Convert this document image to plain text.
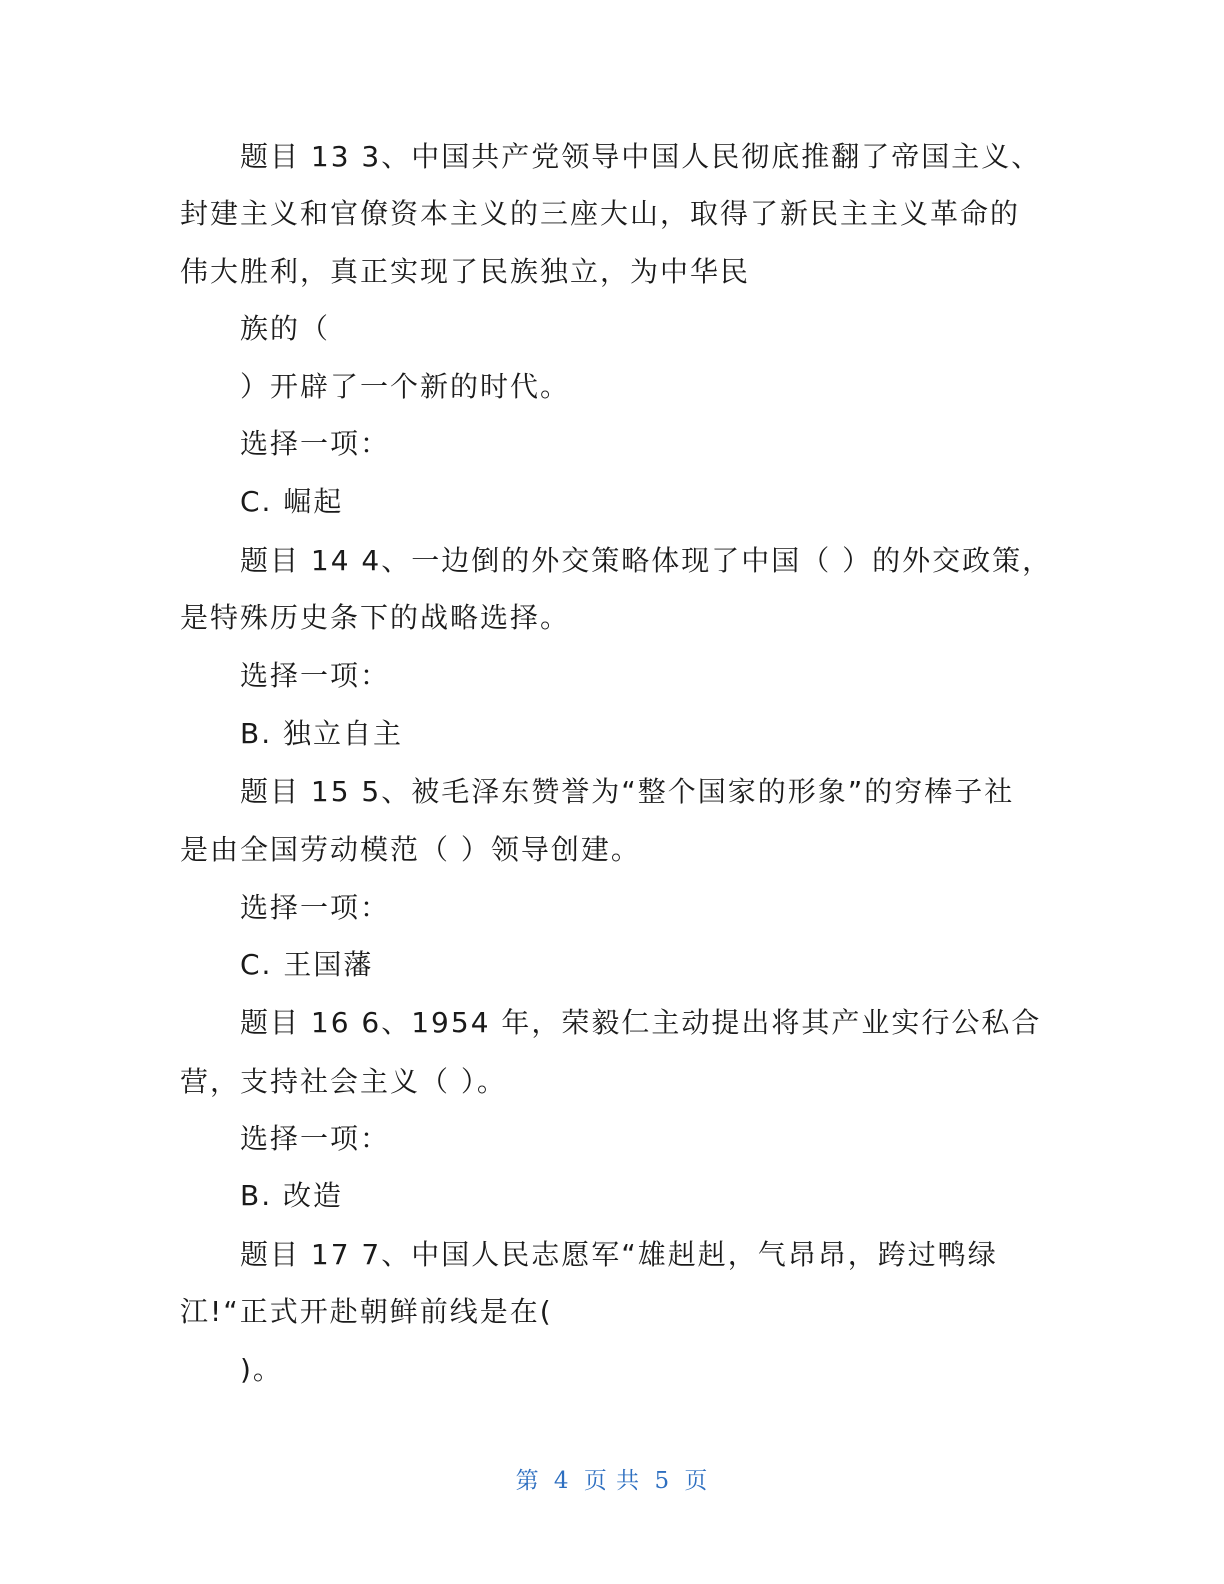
题目 13 3、中国共产党领导中国人民彻底推翻了帝国主义、
封建主义和官僚资本主义的三座大山，取得了新民主主义革命的
伟大胜利，真正实现了民族独立，为中华民
族的（
）开辟了一个新的时代。
选择一项：
C. 崛起
题目 14 4、一边倒的外交策略体现了中国（ ）的外交政策，
是特殊历史条下的战略选择。
选择一项：
B. 独立自主
题目 15 5、被毛泽东赞誉为“整个国家的形象”的穷棒子社
是由全国劳动模范（ ）领导创建。
选择一项：
C. 王国藩
题目 16 6、1954 年，荣毅仁主动提出将其产业实行公私合
营，支持社会主义（ ）。
选择一项：
B. 改造
题目 17 7、中国人民志愿军“雄赳赳，气昂昂，跨过鸭绿
江!“正式开赴朝鲜前线是在(
)。
第 4 页 共 5 页
